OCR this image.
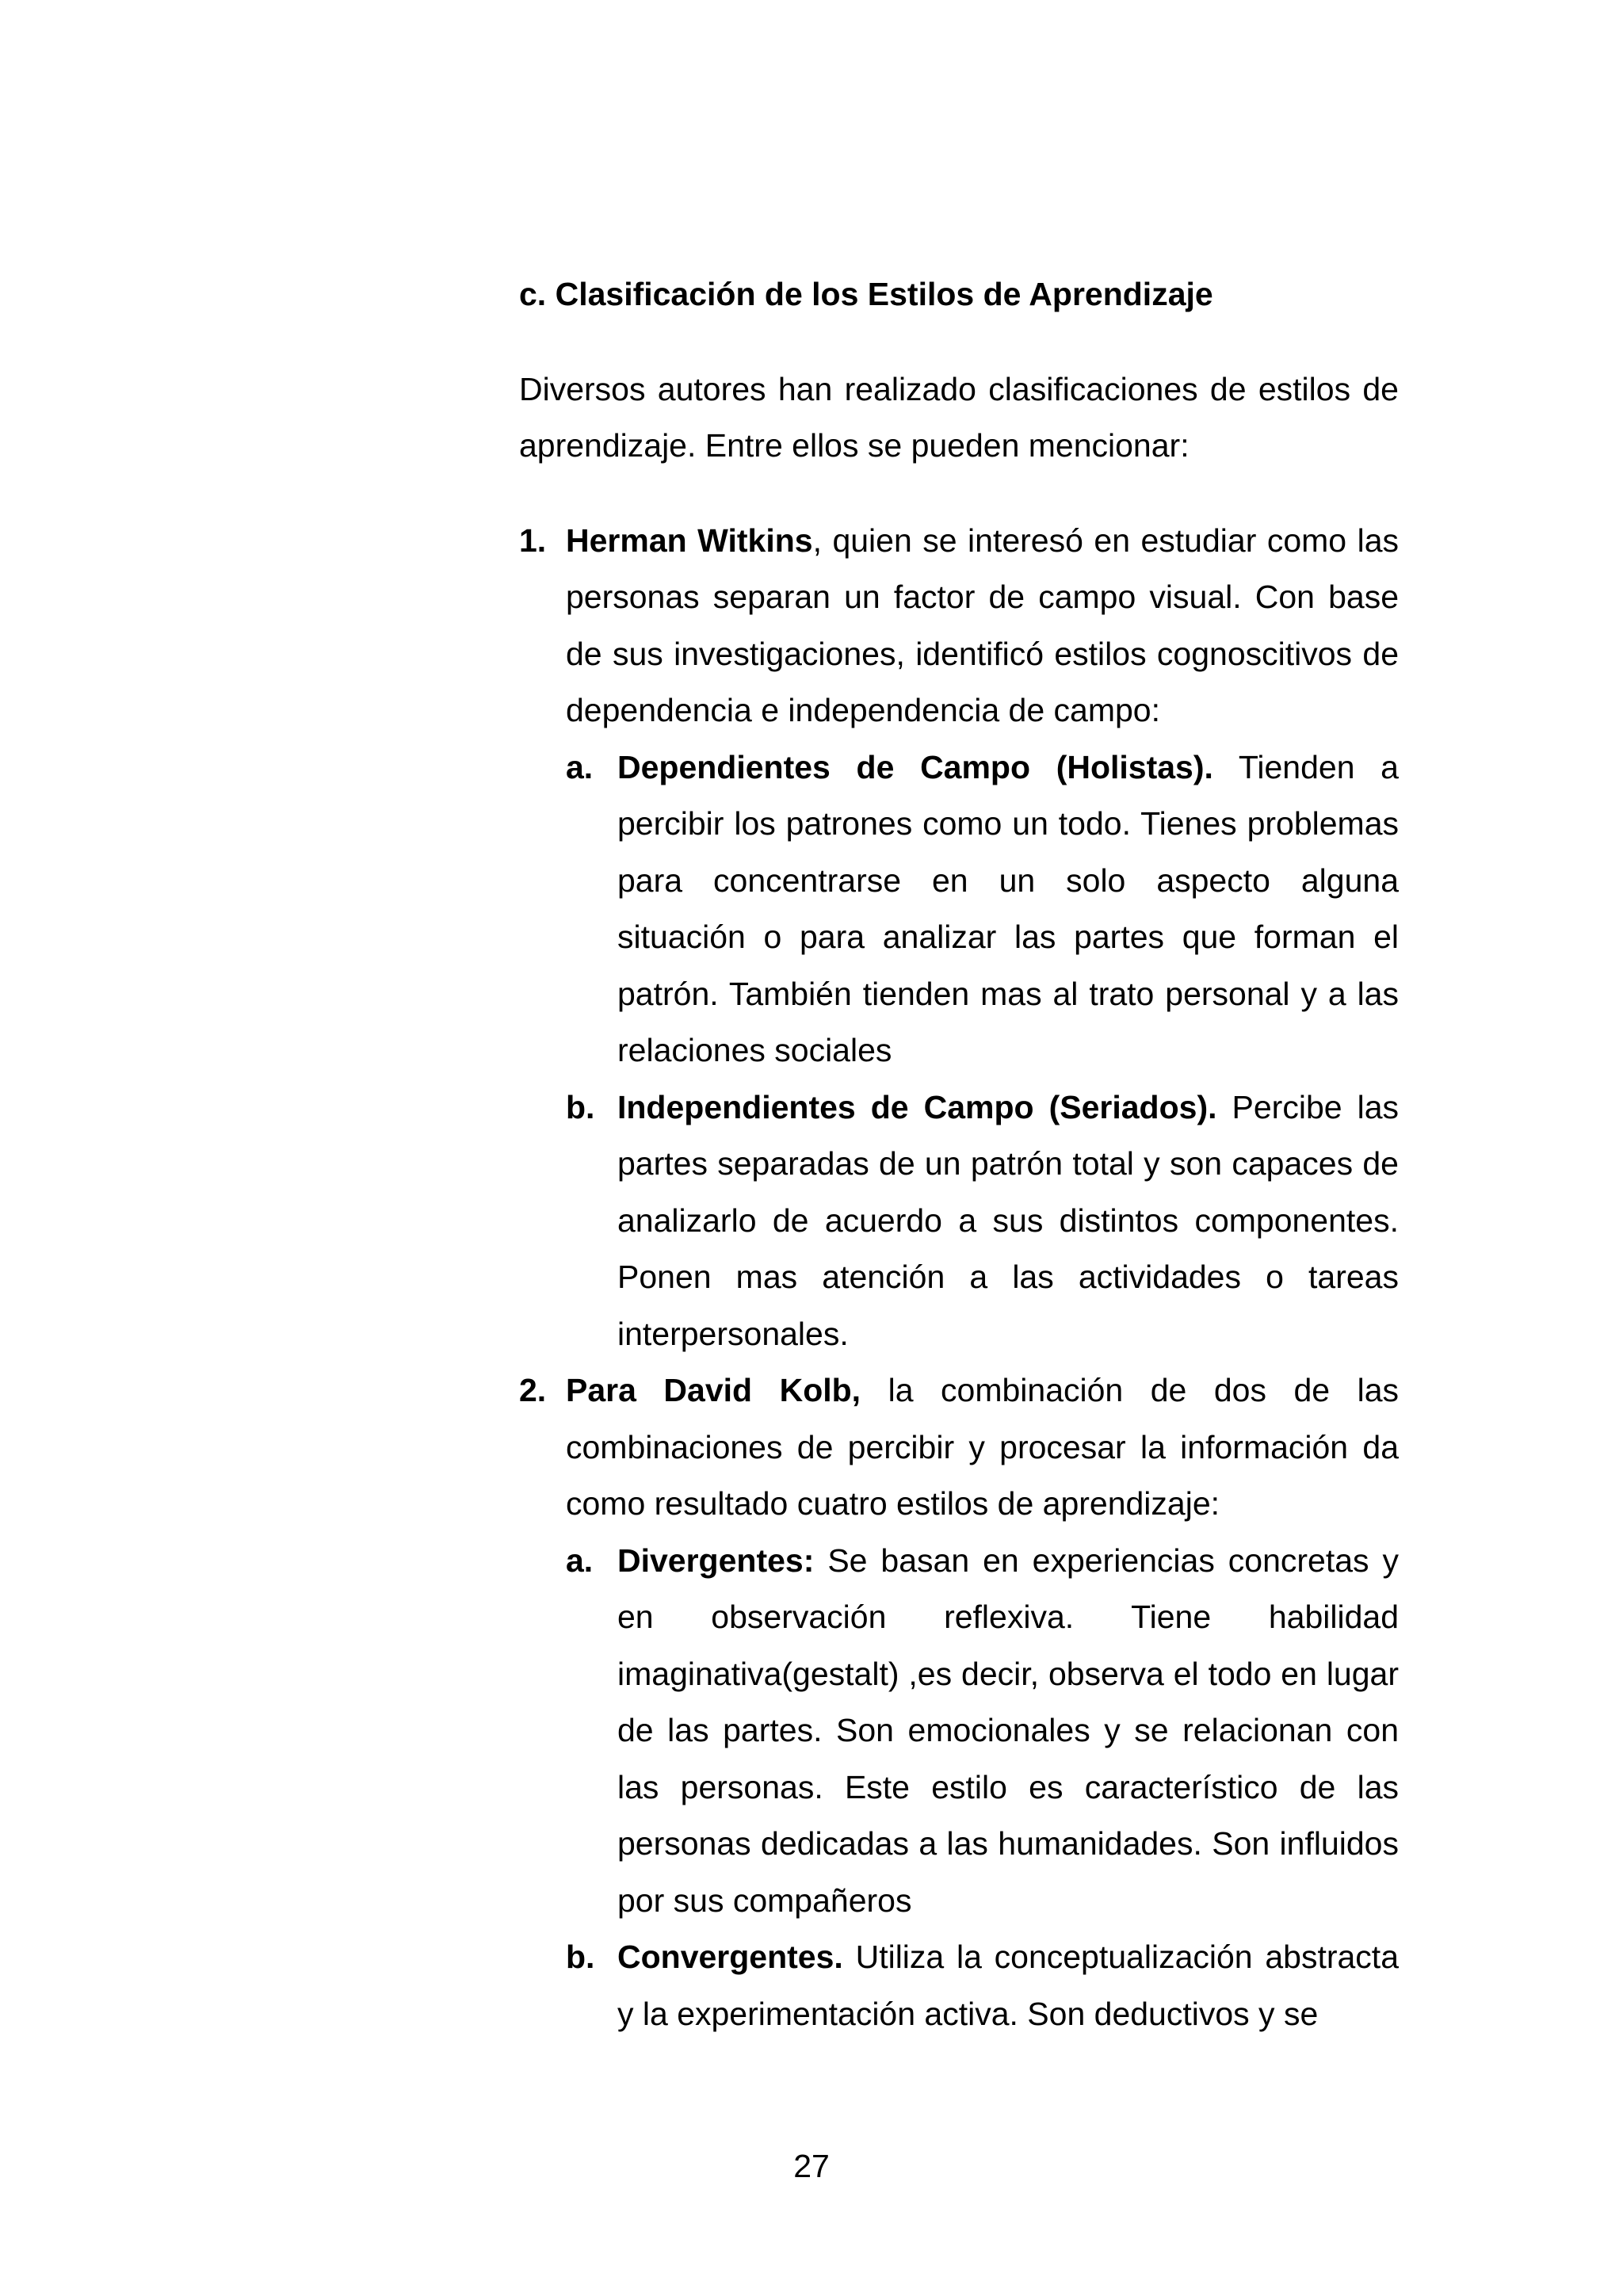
c. Clasificación de los Estilos de Aprendizaje

Diversos autores han realizado clasificaciones de estilos de aprendizaje. Entre ellos se pueden mencionar:

1. Herman Witkins, quien se interesó en estudiar como las personas separan un factor de campo visual. Con base de sus investigaciones, identificó estilos cognoscitivos de dependencia e independencia de campo:

a. Dependientes de Campo (Holistas). Tienden a percibir los patrones como un todo. Tienes problemas para concentrarse en un solo aspecto alguna situación o para analizar las partes que forman el patrón. También tienden mas al trato personal y a las relaciones sociales

b. Independientes de Campo (Seriados). Percibe las partes separadas de un patrón total y son capaces de analizarlo de acuerdo a sus distintos componentes. Ponen mas atención a las actividades o tareas interpersonales.

2. Para David Kolb, la combinación de dos de las combinaciones de percibir y procesar la información da como resultado cuatro estilos de aprendizaje:

a. Divergentes: Se basan en experiencias concretas y en observación reflexiva. Tiene habilidad imaginativa(gestalt) ,es decir, observa el todo en lugar de las partes. Son emocionales y se relacionan con las personas. Este estilo es característico de las personas dedicadas a las humanidades. Son influidos por sus compañeros

b. Convergentes. Utiliza la conceptualización abstracta y la experimentación activa. Son deductivos y se

27
